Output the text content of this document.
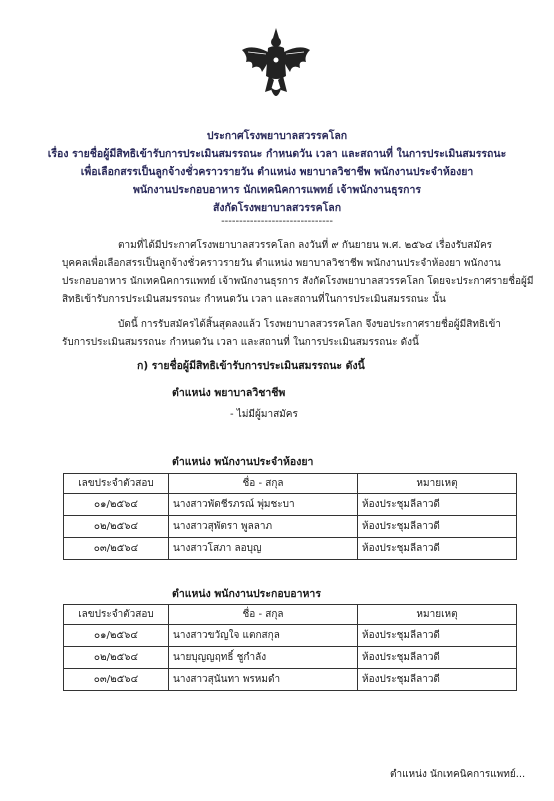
ประกาศโรงพยาบาลสวรรคโลก
เรื่อง รายชื่อผู้มีสิทธิเข้ารับการประเมินสมรรถนะ กำหนดวัน เวลา และสถานที่ ในการประเมินสมรรถนะ
เพื่อเลือกสรรเป็นลูกจ้างชั่วคราวรายวัน ตำแหน่ง พยาบาลวิชาชีพ พนักงานประจำห้องยา
พนักงานประกอบอาหาร นักเทคนิคการแพทย์ เจ้าพนักงานธุรการ
สังกัดโรงพยาบาลสวรรคโลก
-------------------------------
ตามที่ได้มีประกาศโรงพยาบาลสวรรคโลก ลงวันที่ ๙ กันยายน พ.ศ. ๒๕๖๔ เรื่องรับสมัคร
บุคคลเพื่อเลือกสรรเป็นลูกจ้างชั่วคราวรายวัน ตำแหน่ง พยาบาลวิชาชีพ พนักงานประจำห้องยา พนักงาน
ประกอบอาหาร นักเทคนิคการแพทย์ เจ้าพนักงานธุรการ สังกัดโรงพยาบาลสวรรคโลก โดยจะประกาศรายชื่อผู้มี
สิทธิเข้ารับการประเมินสมรรถนะ กำหนดวัน เวลา และสถานที่ในการประเมินสมรรถนะ นั้น
บัดนี้ การรับสมัครได้สิ้นสุดลงแล้ว โรงพยาบาลสวรรคโลก จึงขอประกาศรายชื่อผู้มีสิทธิเข้า
รับการประเมินสมรรถนะ กำหนดวัน เวลา และสถานที่ ในการประเมินสมรรถนะ ดังนี้
ก) รายชื่อผู้มีสิทธิเข้ารับการประเมินสมรรถนะ ดังนี้
ตำแหน่ง พยาบาลวิชาชีพ
- ไม่มีผู้มาสมัคร
ตำแหน่ง พนักงานประจำห้องยา
เลขประจำตัวสอบ	ชื่อ - สกุล	หมายเหตุ
๐๑/๒๕๖๔	นางสาวพัดชีรภรณ์ พุ่มชะบา	ห้องประชุมลีลาวดี
๐๒/๒๕๖๔	นางสาวสุพัตรา พูลลาภ	ห้องประชุมลีลาวดี
๐๓/๒๕๖๔	นางสาวโสภา ลอบุญ	ห้องประชุมลีลาวดี
ตำแหน่ง พนักงานประกอบอาหาร
เลขประจำตัวสอบ	ชื่อ - สกุล	หมายเหตุ
๐๑/๒๕๖๔	นางสาวขวัญใจ แตกสกุล	ห้องประชุมลีลาวดี
๐๒/๒๕๖๔	นายบุญญฤทธิ์ ชูกำลัง	ห้องประชุมลีลาวดี
๐๓/๒๕๖๔	นางสาวสุนันทา พรหมดำ	ห้องประชุมลีลาวดี
ตำแหน่ง นักเทคนิคการแพทย์...
